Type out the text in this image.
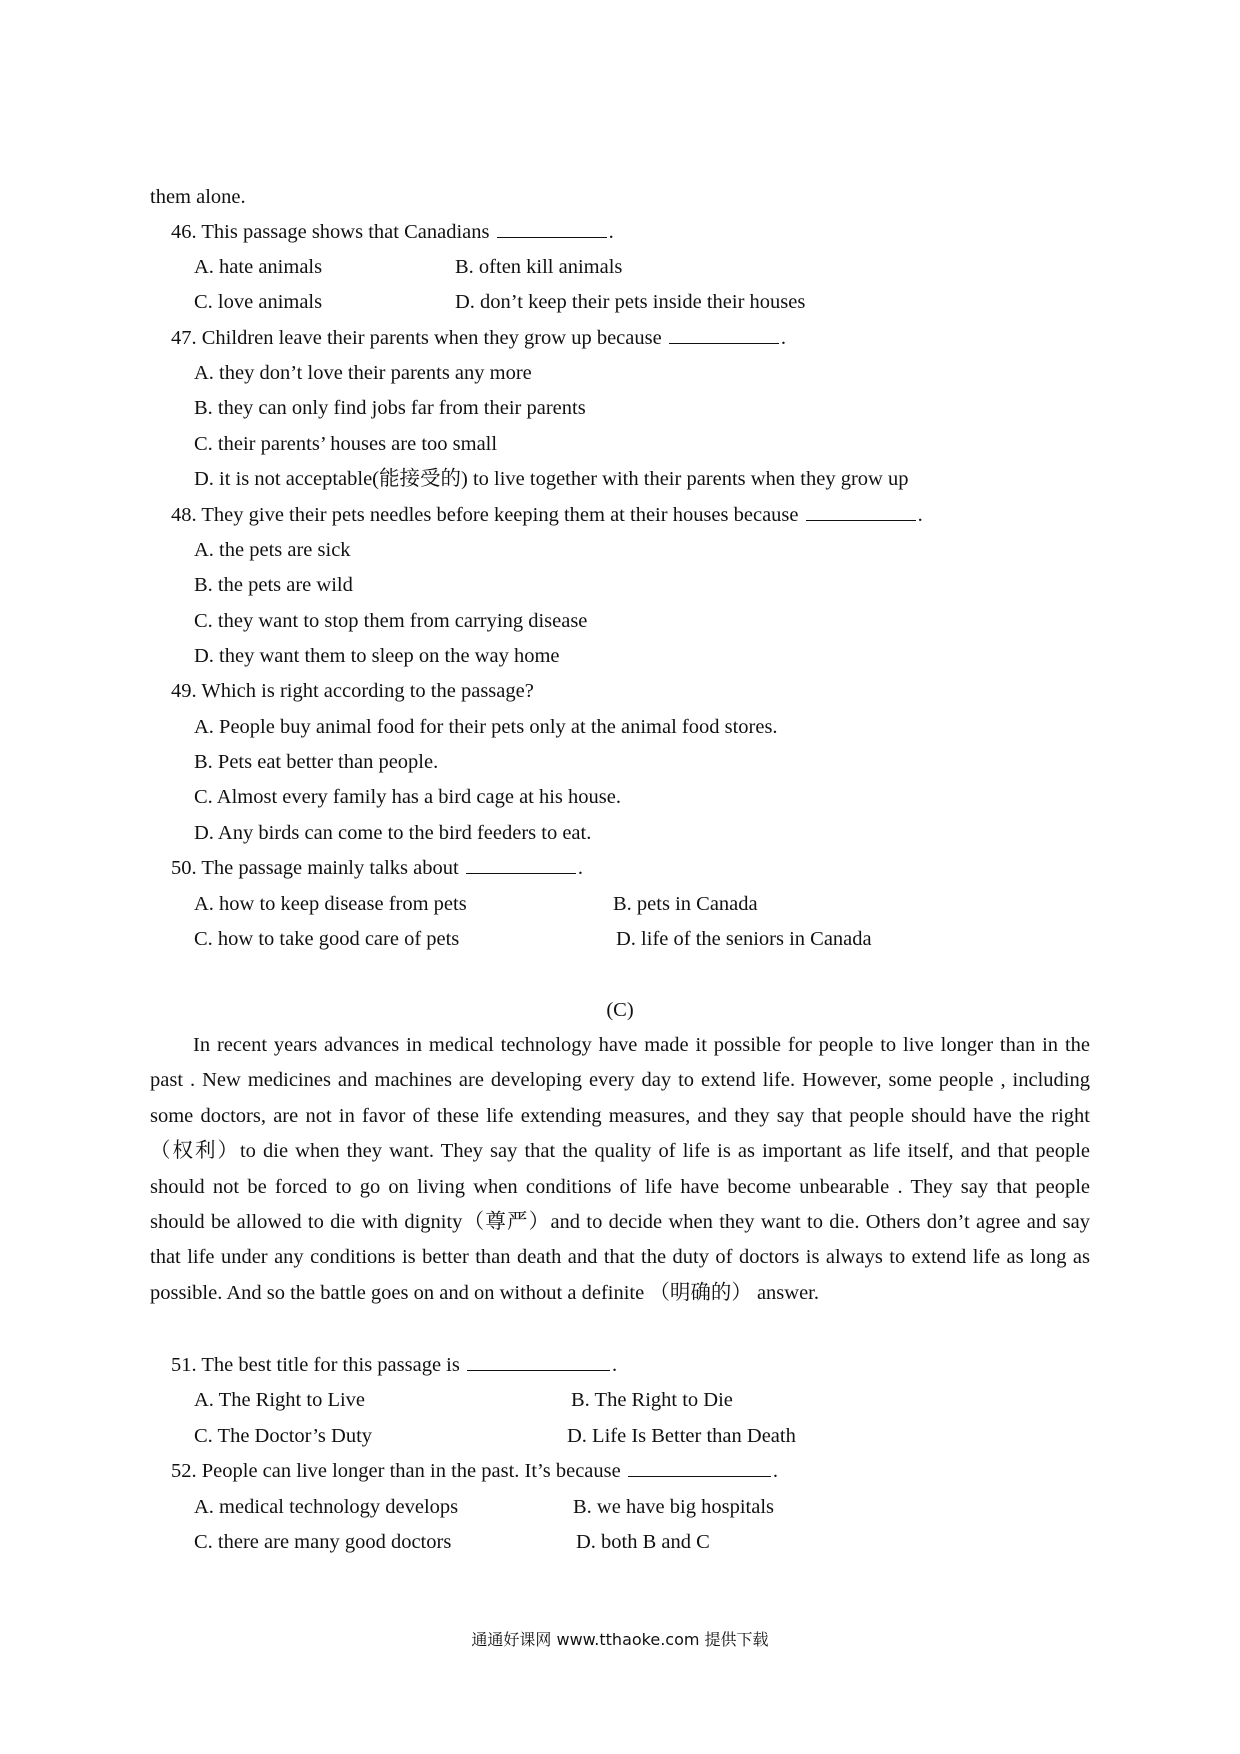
them alone.
46. This passage shows that Canadians	.
A. hate animals	B. often kill animals
C. love animals	D. don’t keep their pets inside their houses
47. Children leave their parents when they grow up because	.
A. they don’t love their parents any more
B. they can only find jobs far from their parents
C. their parents’ houses are too small
D. it is not acceptable(能接受的) to live together with their parents when they grow up
48. They give their pets needles before keeping them at their houses because	.
A. the pets are sick
B. the pets are wild
C. they want to stop them from carrying disease
D. they want them to sleep on the way home
49. Which is right according to the passage?
A. People buy animal food for their pets only at the animal food stores.
B. Pets eat better than people.
C. Almost every family has a bird cage at his house.
D. Any birds can come to the bird feeders to eat.
50. The passage mainly talks about	.
A. how to keep disease from pets	B. pets in Canada
C. how to take good care of pets	D. life of the seniors in Canada
(C)
In recent years advances in medical technology have made it possible for people to live longer than in the past . New medicines and machines are developing every day to extend life. However, some people , including some doctors, are not in favor of these life extending measures, and they say that people should have the right（权利）to die when they want. They say that the quality of life is as important as life itself, and that people should not be forced to go on living when conditions of life have become unbearable . They say that people should be allowed to die with dignity（尊严）and to decide when they want to die. Others don’t agree and say that life under any conditions is better than death and that the duty of doctors is always to extend life as long as possible. And so the battle goes on and on without a definite （明确的） answer.
51. The best title for this passage is	.
A. The Right to Live	B. The Right to Die
C. The Doctor’s Duty	D. Life Is Better than Death
52. People can live longer than in the past. It’s because	.
A. medical technology develops	B. we have big hospitals
C. there are many good doctors	D. both B and C
通通好课网 www.tthaoke.com 提供下载
